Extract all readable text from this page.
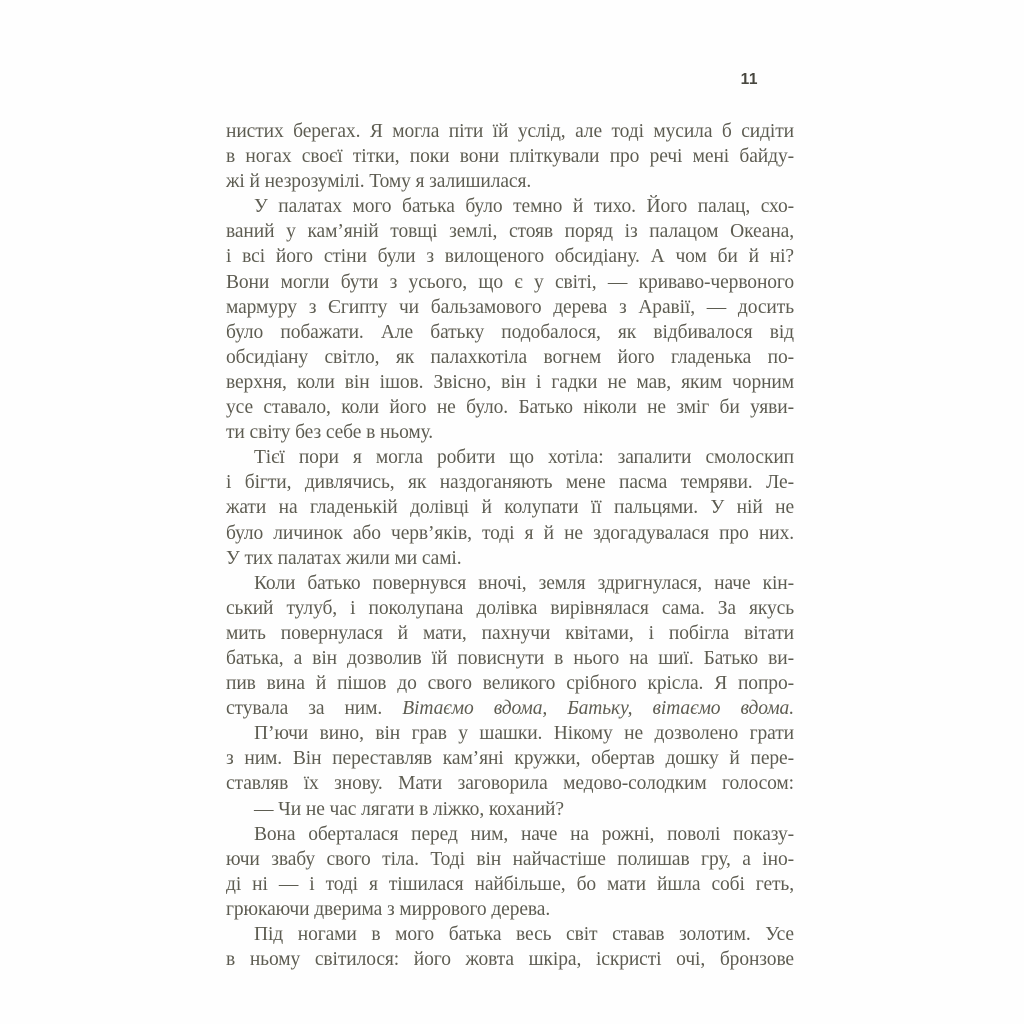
11
нистих берегах. Я могла піти їй услід, але тоді мусила б сидіти
в ногах своєї тітки, поки вони пліткували про речі мені байду-
жі й незрозумілі. Тому я залишилася.
У палатах мого батька було темно й тихо. Його палац, схо-
ваний у кам’яній товщі землі, стояв поряд із палацом Океана,
і всі його стіни були з вилощеного обсидіану. А чом би й ні?
Вони могли бути з усього, що є у світі, — криваво-червоного
мармуру з Єгипту чи бальзамового дерева з Аравії, — досить
було побажати. Але батьку подобалося, як відбивалося від
обсидіану світло, як палахкотіла вогнем його гладенька по-
верхня, коли він ішов. Звісно, він і гадки не мав, яким чорним
усе ставало, коли його не було. Батько ніколи не зміг би уяви-
ти світу без себе в ньому.
Тієї пори я могла робити що хотіла: запалити смолоскип
і бігти, дивлячись, як наздоганяють мене пасма темряви. Ле-
жати на гладенькій долівці й колупати її пальцями. У ній не
було личинок або черв’яків, тоді я й не здогадувалася про них.
У тих палатах жили ми самі.
Коли батько повернувся вночі, земля здригнулася, наче кін-
ський тулуб, і поколупана долівка вирівнялася сама. За якусь
мить повернулася й мати, пахнучи квітами, і побігла вітати
батька, а він дозволив їй повиснути в нього на шиї. Батько ви-
пив вина й пішов до свого великого срібного крісла. Я попро-
стувала за ним. Вітаємо вдома, Батьку, вітаємо вдома.
П’ючи вино, він грав у шашки. Нікому не дозволено грати
з ним. Він переставляв кам’яні кружки, обертав дошку й пере-
ставляв їх знову. Мати заговорила медово-солодким голосом:
— Чи не час лягати в ліжко, коханий?
Вона оберталася перед ним, наче на рожні, поволі показу-
ючи звабу свого тіла. Тоді він найчастіше полишав гру, а іно-
ді ні — і тоді я тішилася найбільше, бо мати йшла собі геть,
грюкаючи дверима з миррового дерева.
Під ногами в мого батька весь світ ставав золотим. Усе
в ньому світилося: його жовта шкіра, іскристі очі, бронзове
